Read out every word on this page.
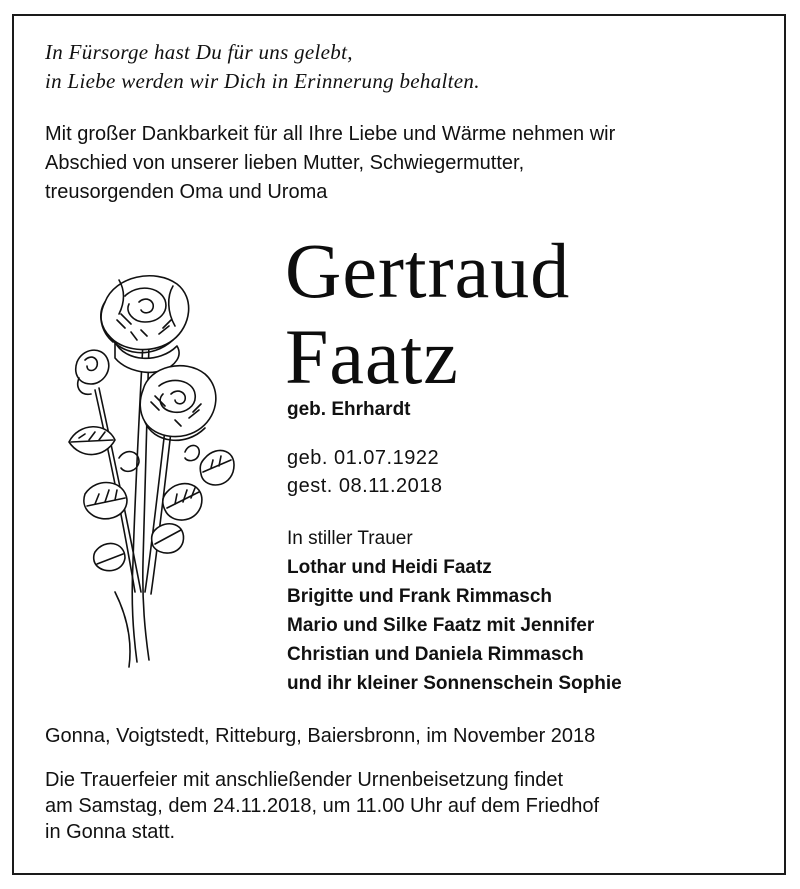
In Fürsorge hast Du für uns gelebt,
in Liebe werden wir Dich in Erinnerung behalten.
Mit großer Dankbarkeit für all Ihre Liebe und Wärme nehmen wir
Abschied von unserer lieben Mutter, Schwiegermutter,
treusorgenden Oma und Uroma
Gertraud
Faatz
geb. Ehrhardt
geb. 01.07.1922
gest. 08.11.2018
In stiller Trauer
Lothar und Heidi Faatz
Brigitte und Frank Rimmasch
Mario und Silke Faatz mit Jennifer
Christian und Daniela Rimmasch
und ihr kleiner Sonnenschein Sophie
Gonna, Voigtstedt, Ritteburg, Baiersbronn, im November 2018
Die Trauerfeier mit anschließender Urnenbeisetzung findet
am Samstag, dem 24.11.2018, um 11.00 Uhr auf dem Friedhof
in Gonna statt.
